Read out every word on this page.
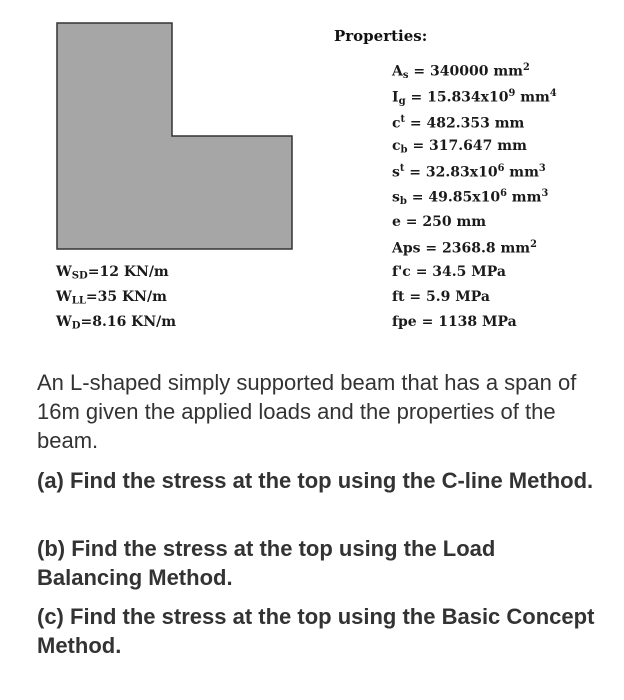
Properties:
$A_s = 340000$ $mm^2$
$I_g = 15.834x10^9$ $mm^4$
$c^t = 482.353$ mm
$c_b = 317.647$ mm
$s^t = 32.83x10^6$ $mm^3$
$s_b = 49.85x10^6$ $mm^3$
e = 250 mm
Aps = 2368.8 $mm^2$
f'c = 34.5 MPa
ft = 5.9 MPa
fpe = 1138 MPa
$W_{SD}=12$ KN/m
$W_{LL}=35$ KN/m
$W_D=8.16$ KN/m
An L-shaped simply supported beam that has a span of 16m given the applied loads and the properties of the beam.
(a) Find the stress at the top using the C-line Method.
(b) Find the stress at the top using the Load Balancing Method.
(c) Find the stress at the top using the Basic Concept Method.
